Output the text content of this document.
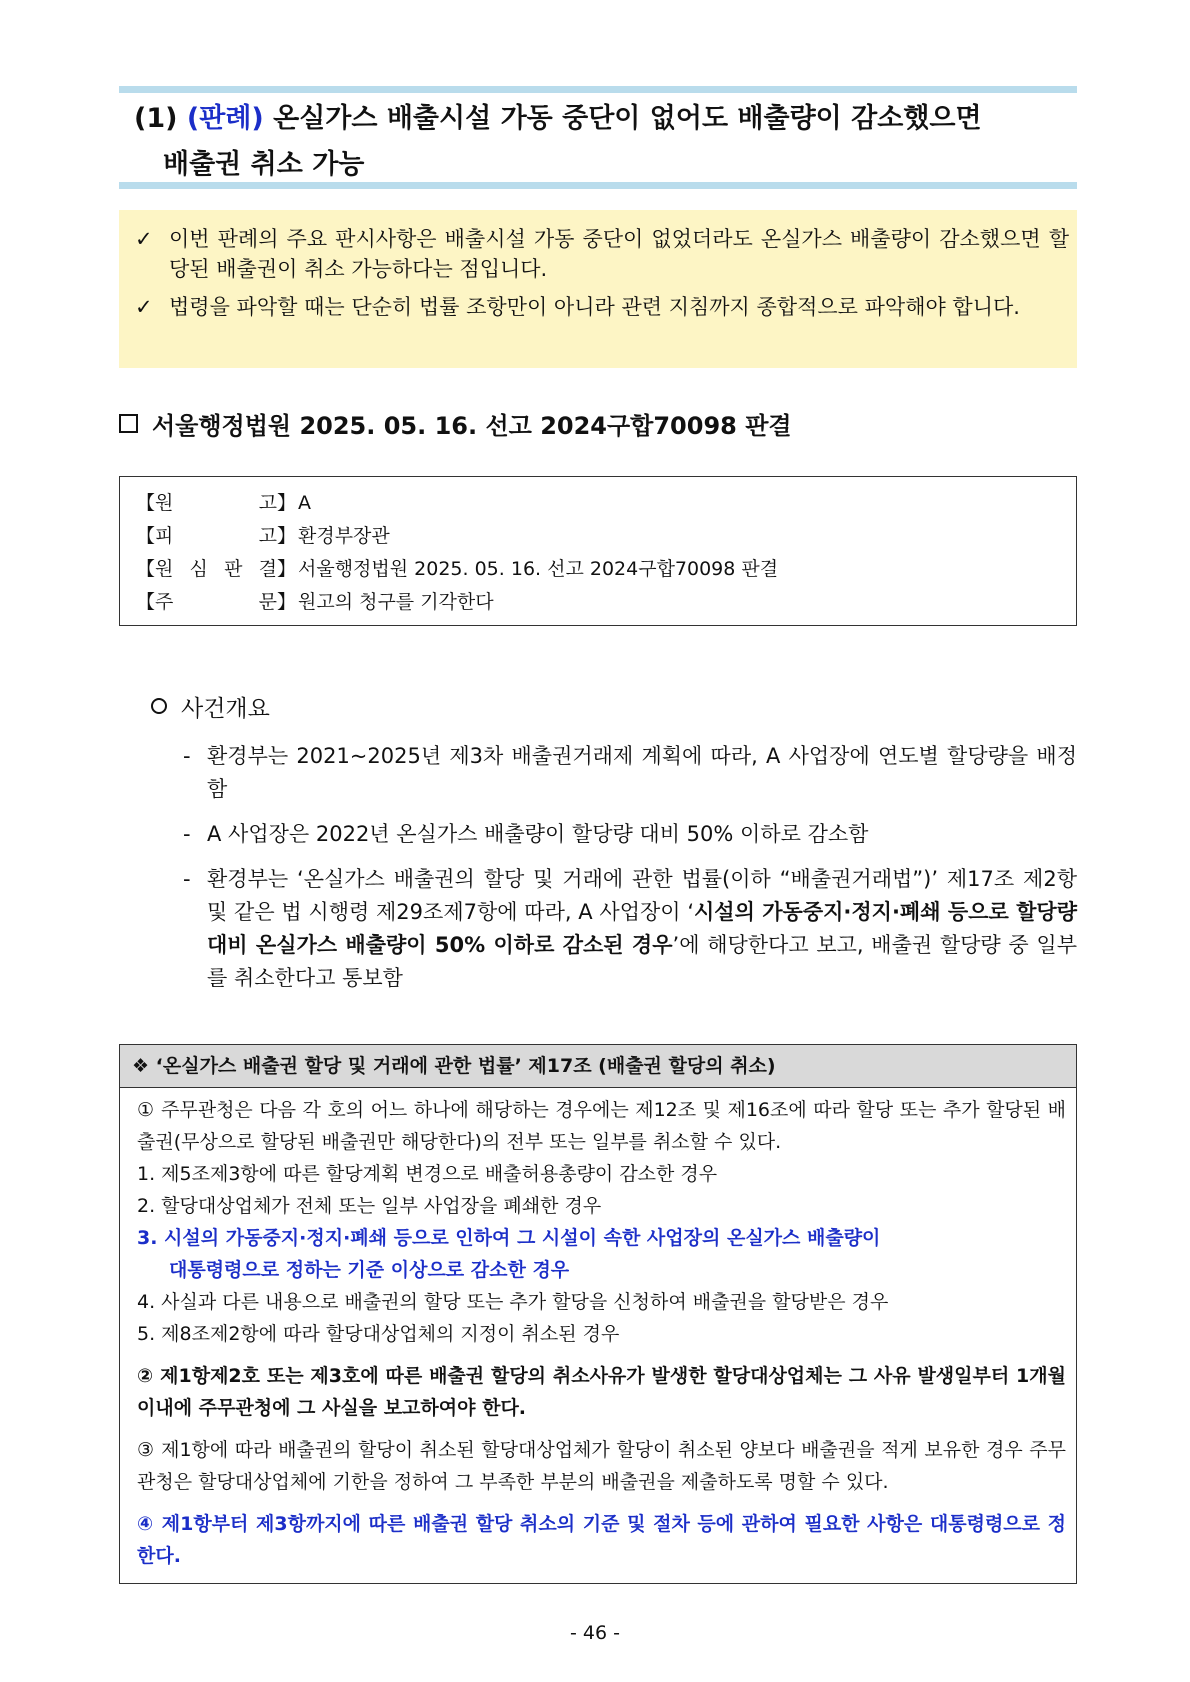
(1) (판례) 온실가스 배출시설 가동 중단이 없어도 배출량이 감소했으면
배출권 취소 가능
✓ 이번 판례의 주요 판시사항은 배출시설 가동 중단이 없었더라도 온실가스 배출량이 감소했으면 할당된 배출권이 취소 가능하다는 점입니다.
✓ 법령을 파악할 때는 단순히 법률 조항만이 아니라 관련 지침까지 종합적으로 파악해야 합니다.
서울행정법원 2025. 05. 16. 선고 2024구합70098 판결
【원	고】 A
【피	고】 환경부장관
【원 심 판 결】 서울행정법원 2025. 05. 16. 선고 2024구합70098 판결
【주	문】 원고의 청구를 기각한다
사건개요
- 환경부는 2021~2025년 제3차 배출권거래제 계획에 따라, A 사업장에 연도별 할당량을 배정함
- A 사업장은 2022년 온실가스 배출량이 할당량 대비 50% 이하로 감소함
- 환경부는 ‘온실가스 배출권의 할당 및 거래에 관한 법률(이하 “배출권거래법”)’ 제17조 제2항 및 같은 법 시행령 제29조제7항에 따라, A 사업장이 ‘시설의 가동중지·정지·폐쇄 등으로 할당량 대비 온실가스 배출량이 50% 이하로 감소된 경우’에 해당한다고 보고, 배출권 할당량 중 일부를 취소한다고 통보함
❖ ‘온실가스 배출권 할당 및 거래에 관한 법률’ 제17조 (배출권 할당의 취소)

① 주무관청은 다음 각 호의 어느 하나에 해당하는 경우에는 제12조 및 제16조에 따라 할당 또는 추가 할당된 배출권(무상으로 할당된 배출권만 해당한다)의 전부 또는 일부를 취소할 수 있다.

1. 제5조제3항에 따른 할당계획 변경으로 배출허용총량이 감소한 경우

2. 할당대상업체가 전체 또는 일부 사업장을 폐쇄한 경우

3. 시설의 가동중지·정지·폐쇄 등으로 인하여 그 시설이 속한 사업장의 온실가스 배출량이

대통령령으로 정하는 기준 이상으로 감소한 경우

4. 사실과 다른 내용으로 배출권의 할당 또는 추가 할당을 신청하여 배출권을 할당받은 경우

5. 제8조제2항에 따라 할당대상업체의 지정이 취소된 경우

② 제1항제2호 또는 제3호에 따른 배출권 할당의 취소사유가 발생한 할당대상업체는 그 사유 발생일부터 1개월 이내에 주무관청에 그 사실을 보고하여야 한다.

③ 제1항에 따라 배출권의 할당이 취소된 할당대상업체가 할당이 취소된 양보다 배출권을 적게 보유한 경우 주무관청은 할당대상업체에 기한을 정하여 그 부족한 부분의 배출권을 제출하도록 명할 수 있다.

④ 제1항부터 제3항까지에 따른 배출권 할당 취소의 기준 및 절차 등에 관하여 필요한 사항은 대통령령으로 정한다.

- 46 -
